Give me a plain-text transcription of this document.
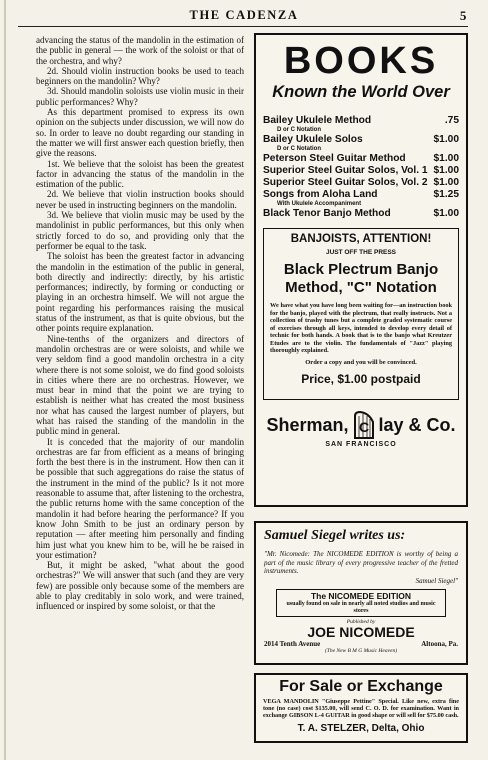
THE CADENZA	5

advancing the status of the mandolin in the estimation of the public in general — the work of the soloist or that of the orchestra, and why?

2d. Should violin instruction books be used to teach beginners on the mandolin? Why?

3d. Should mandolin soloists use violin music in their public performances? Why?

As this department promised to express its own opinion on the subjects under discussion, we will now do so. In order to leave no doubt regarding our standing in the matter we will first answer each question briefly, then give the reasons.

1st. We believe that the soloist has been the greatest factor in advancing the status of the mandolin in the estimation of the public.

2d. We believe that violin instruction books should never be used in instructing beginners on the mandolin.

3d. We believe that violin music may be used by the mandolinist in public performances, but this only when strictly forced to do so, and providing only that the performer be equal to the task.

The soloist has been the greatest factor in advancing the mandolin in the estimation of the public in general, both directly and indirectly: directly, by his artistic performances; indirectly, by forming or conducting or playing in an orchestra himself. We will not argue the point regarding his performances raising the musical status of the instrument, as that is quite obvious, but the other points require explanation.

Nine-tenths of the organizers and directors of mandolin orchestras are or were soloists, and while we very seldom find a good mandolin orchestra in a city where there is not some soloist, we do find good soloists in cities where there are no orchestras. However, we must bear in mind that the point we are trying to establish is neither what has created the most business nor what has caused the largest number of players, but what has raised the standing of the mandolin in the public mind in general.

It is conceded that the majority of our mandolin orchestras are far from efficient as a means of bringing forth the best there is in the instrument. How then can it be possible that such aggregations do raise the status of the instrument in the mind of the public? Is it not more reasonable to assume that, after listening to the orchestra, the public returns home with the same conception of the mandolin it had before hearing the performance? If you know John Smith to be just an ordinary person by reputation — after meeting him personally and finding him just what you knew him to be, will he be raised in your estimation?

But, it might be asked, "what about the good orchestras?" We will answer that such (and they are very few) are possible only because some of the members are able to play creditably in solo work, and were trained, influenced or inspired by some soloist, or that the

BOOKS
Known the World Over
Bailey Ukulele Method	.75
D or C Notation
Bailey Ukulele Solos	$1.00
D or C Notation
Peterson Steel Guitar Method	$1.00
Superior Steel Guitar Solos, Vol. 1 $1.00
Superior Steel Guitar Solos, Vol. 2 $1.00
Songs from Aloha Land	$1.25
With Ukulele Accompaniment
Black Tenor Banjo Method	$1.00
BANJOISTS, ATTENTION!
JUST OFF THE PRESS
Black Plectrum Banjo
Method, "C" Notation
We have what you have long been waiting for—an instruction book for the banjo, played with the plectrum, that really instructs. Not a collection of trashy tunes but a complete graded systematic course of exercises through all keys, intended to develop every detail of technic for both hands. A book that is to the banjo what Kreutzer Etudes are to the violin. The fundamentals of "Jazz" playing thoroughly explained.
Order a copy and you will be convinced.
Price, $1.00 postpaid
Sherman, C lay & Co.
SAN FRANCISCO
Samuel Siegel writes us:
"Mr. Nicomede: The NICOMEDE EDITION is worthy of being a part of the music library of every progressive teacher of the fretted instruments.
Samuel Siegel"
The NICOMEDE EDITION
usually found on sale in nearly all noted studios and music stores
Published by
JOE NICOMEDE
2014 Tenth Avenue	Altoona, Pa.
(The New B M G Music Heaven)
For Sale or Exchange
VEGA MANDOLIN "Giuseppe Pettine" Special. Like new, extra fine tone (no case) cost $135.00, will send C. O. D. for examination. Want in exchange GIBSON L-4 GUITAR in good shape or will sell for $75.00 cash.
T. A. STELZER, Delta, Ohio
